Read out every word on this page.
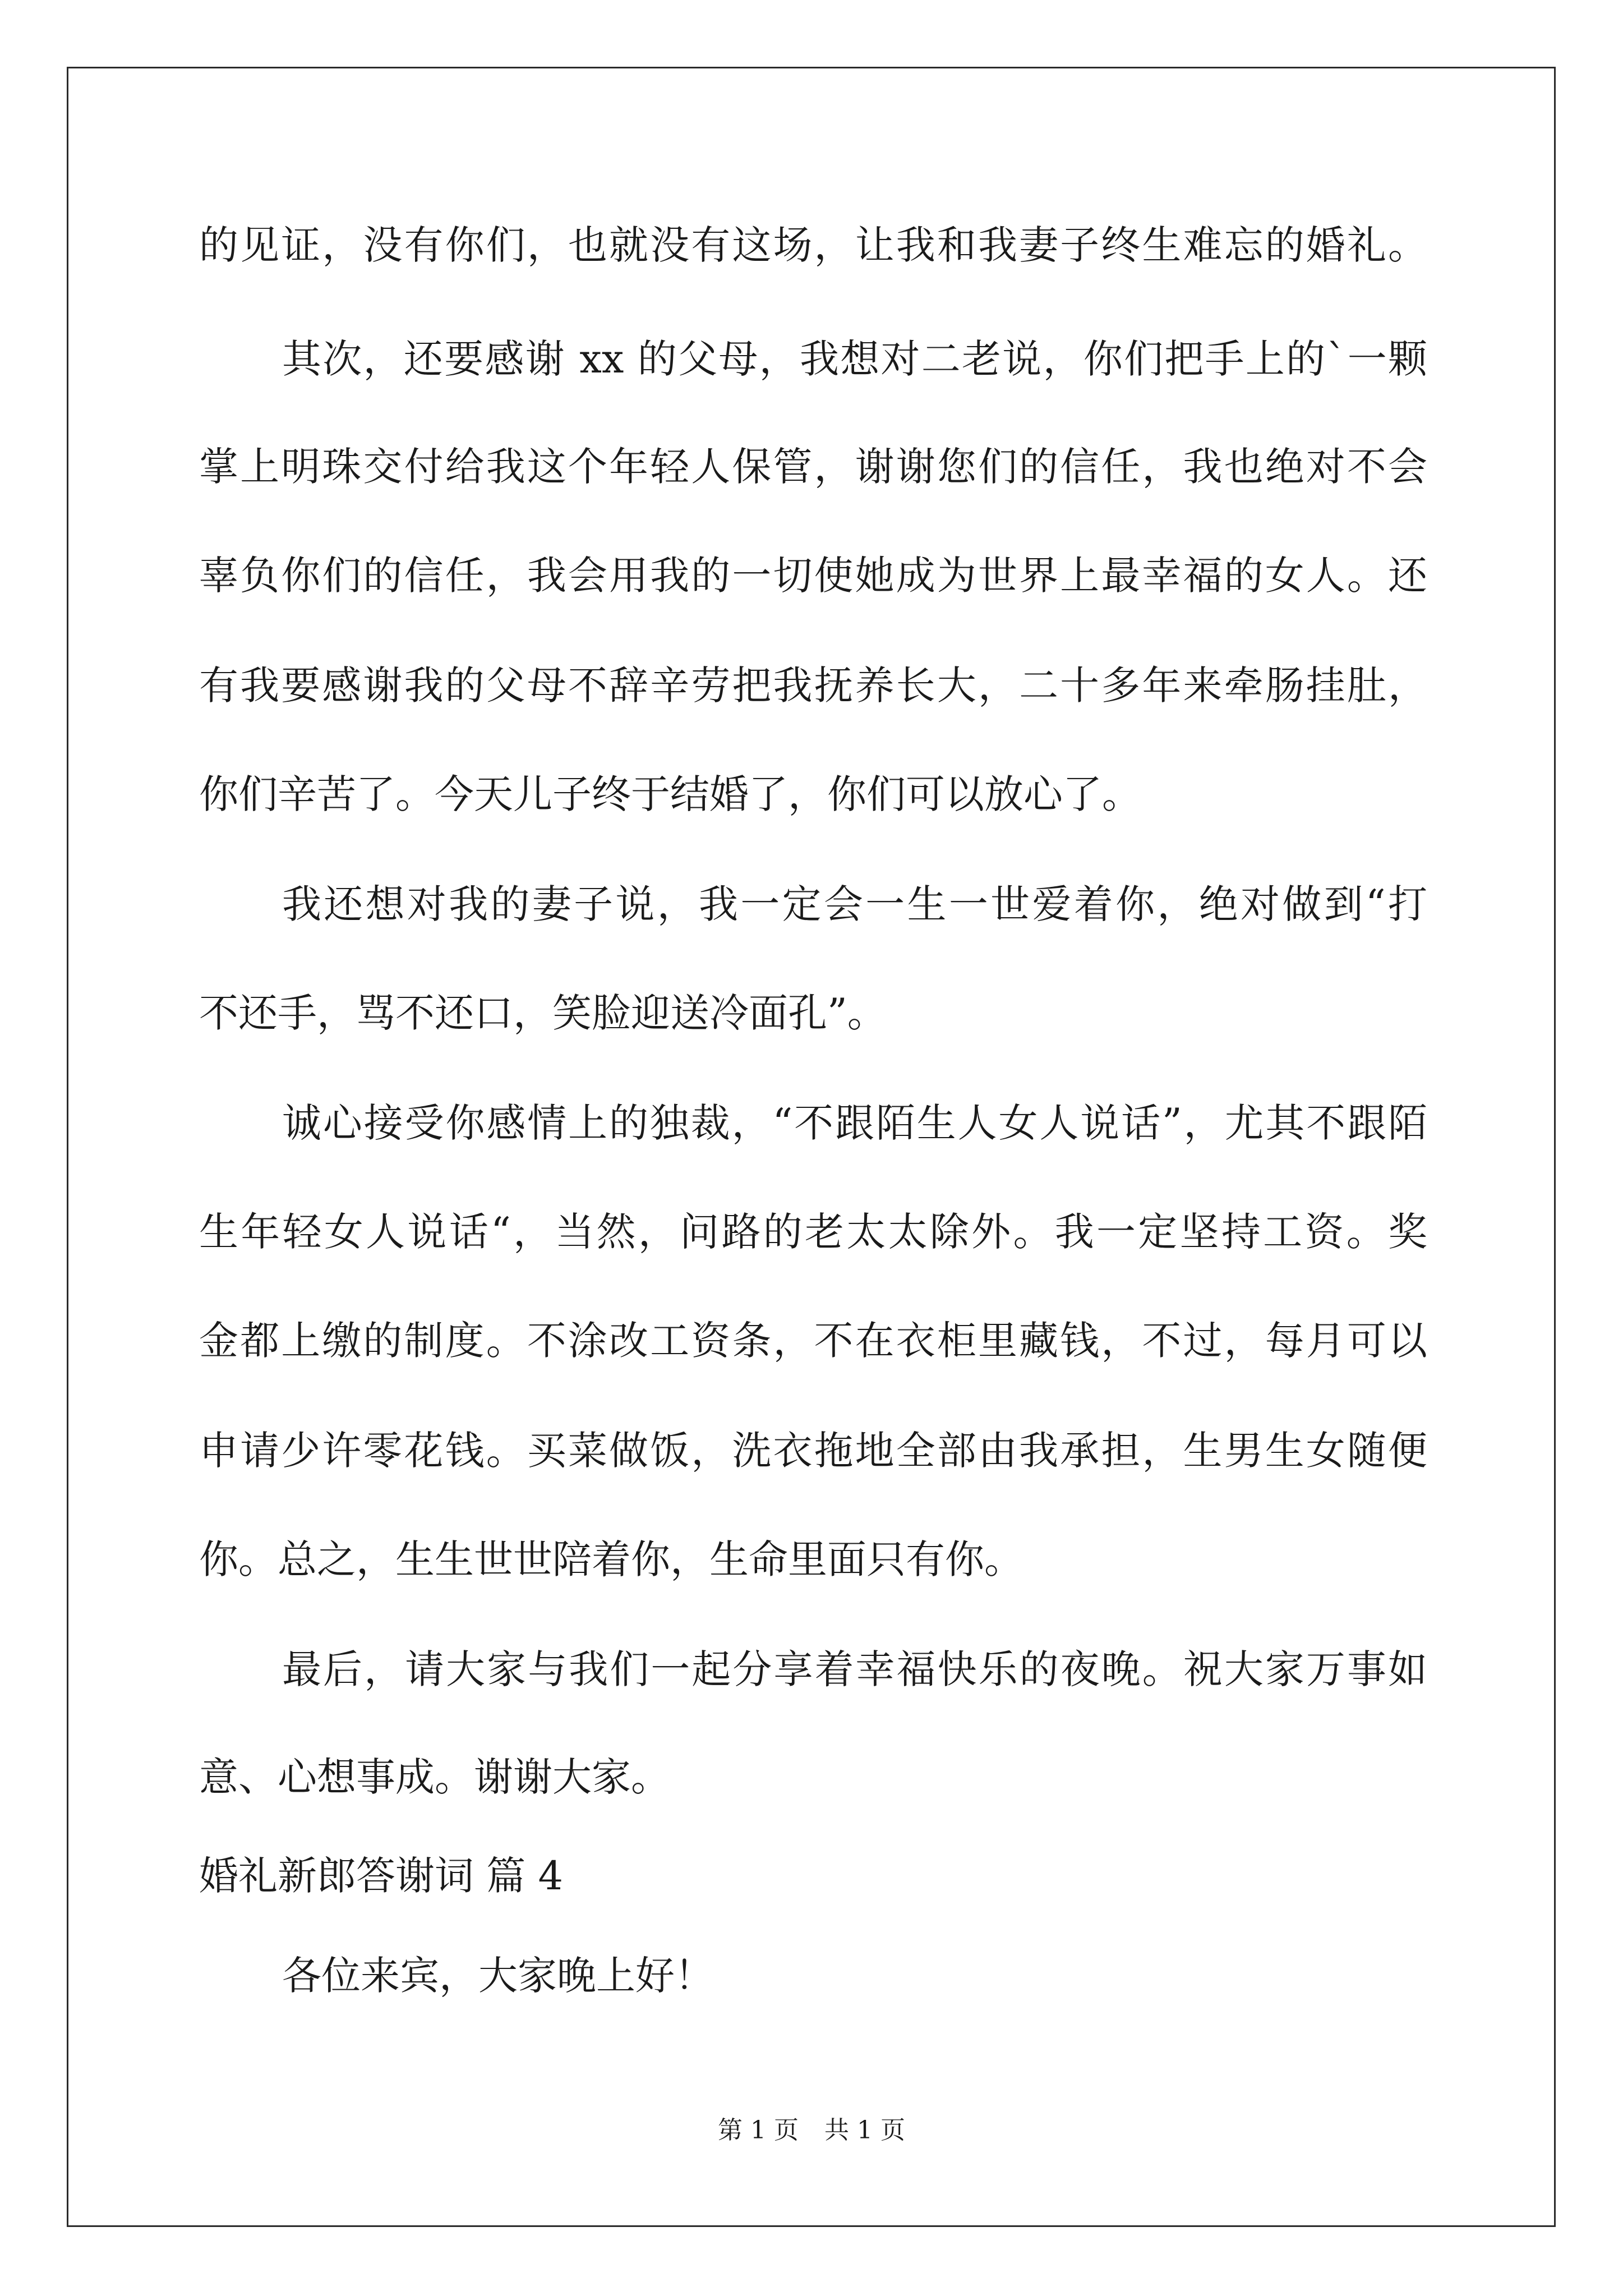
的见证，没有你们，也就没有这场，让我和我妻子终生难忘的婚礼。
其次，还要感谢 xx 的父母，我想对二老说，你们把手上的`一颗
掌上明珠交付给我这个年轻人保管，谢谢您们的信任，我也绝对不会
辜负你们的信任，我会用我的一切使她成为世界上最幸福的女人。还
有我要感谢我的父母不辞辛劳把我抚养长大，二十多年来牵肠挂肚，
你们辛苦了。今天儿子终于结婚了，你们可以放心了。
我还想对我的妻子说，我一定会一生一世爱着你，绝对做到“打
不还手，骂不还口，笑脸迎送冷面孔”。
诚心接受你感情上的独裁，“不跟陌生人女人说话”，尤其不跟陌
生年轻女人说话“，当然，问路的老太太除外。我一定坚持工资。奖
金都上缴的制度。不涂改工资条，不在衣柜里藏钱，不过，每月可以
申请少许零花钱。买菜做饭，洗衣拖地全部由我承担，生男生女随便
你。总之，生生世世陪着你，生命里面只有你。
最后，请大家与我们一起分享着幸福快乐的夜晚。祝大家万事如
意、心想事成。谢谢大家。
婚礼新郎答谢词 篇 4
各位来宾，大家晚上好！
第 1 页 共 1 页
